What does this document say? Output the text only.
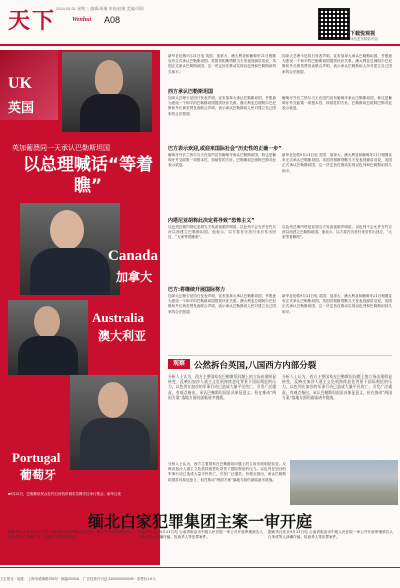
天下 2024.05.01 星期三 编辑/周瑾 审校/赵敏 美编/刘莉
Wenhui A08
下载悦观视
体验更多精彩内容
UK
英国
英加葡澳同一天承认巴勒斯坦国
以总理喊话“等着瞧”
Canada
加拿大
Australia
澳大利亚
Portugal
葡萄牙
■9月21日，巴勒斯坦民众在约旦河西岸城市拉姆安拉举行集会。新华社发
新华社伦敦9月21日电 英国、加拿大、澳大利亚和葡萄牙21日相继宣布正式承认巴勒斯坦国。英国首相斯塔默当天发表视频讲话说，英国正式承认巴勒斯坦国，这一决定旨在推动实现以色列和巴勒斯坦持久和平。
加拿大总理卡尼同日发表声明，宣布加拿大承认巴勒斯坦国，并愿意为建设一个和平的巴勒斯坦国提供伙伴关系。澳大利亚总理阿尔巴尼斯和外长黄英贤发表联合声明，表示承认巴勒斯坦人民对建立自己国家的合法愿望。
西方承认巴勒斯坦国
加拿大总理卡尼同日发表声明，宣布加拿大承认巴勒斯坦国，并愿意为建设一个和平的巴勒斯坦国提供伙伴关系。澳大利亚总理阿尔巴尼斯和外长黄英贤发表联合声明，表示承认巴勒斯坦人民对建立自己国家的合法愿望。
葡萄牙外长兰热尔当天在纽约宣布葡萄牙承认巴勒斯坦国，称这是葡萄牙外交政策一项根本性、持续性的方针。巴勒斯坦总统阿巴斯对此表示欢迎。
巴方表示欢迎,或迎来国际社会“历史性的正确一步”
葡萄牙外长兰热尔当天在纽约宣布葡萄牙承认巴勒斯坦国，称这是葡萄牙外交政策一项根本性、持续性的方针。巴勒斯坦总统阿巴斯对此表示欢迎。
新华社伦敦9月21日电 英国、加拿大、澳大利亚和葡萄牙21日相继宣布正式承认巴勒斯坦国。英国首相斯塔默当天发表视频讲话说，英国正式承认巴勒斯坦国，这一决定旨在推动实现以色列和巴勒斯坦持久和平。
内塔尼亚胡称此决定将导致“恐怖主义”
以色列总理内塔尼亚胡当天发表视频声明说，以色列不会允许在约旦河以西建立巴勒斯坦国。他表示，以方将在访美归来后作出回应，“大家等着瞧吧”。
以色列总理内塔尼亚胡当天发表视频声明说，以色列不会允许在约旦河以西建立巴勒斯坦国。他表示，以方将在访美归来后作出回应，“大家等着瞧吧”。
巴方:将继续开展国际努力
加拿大总理卡尼同日发表声明，宣布加拿大承认巴勒斯坦国，并愿意为建设一个和平的巴勒斯坦国提供伙伴关系。澳大利亚总理阿尔巴尼斯和外长黄英贤发表联合声明，表示承认巴勒斯坦人民对建立自己国家的合法愿望。
新华社伦敦9月21日电 英国、加拿大、澳大利亚和葡萄牙21日相继宣布正式承认巴勒斯坦国。英国首相斯塔默当天发表视频讲话说，英国正式承认巴勒斯坦国，这一决定旨在推动实现以色列和巴勒斯坦持久和平。
观察	公然拆台英国,八国西方内部分裂
分析人士认为，西方主要国家在巴勒斯坦问题上的立场出现明显转变，反映出加沙人道主义危机持续恶化背景下国际舆论的压力。以色列在加沙的军事行动已造成大量平民伤亡，引发广泛谴责。有观点指出，承认巴勒斯坦国虽具象征意义，但在推动“两国方案”落地方面仍面临诸多挑战。
分析人士认为，西方主要国家在巴勒斯坦问题上的立场出现明显转变，反映出加沙人道主义危机持续恶化背景下国际舆论的压力。以色列在加沙的军事行动已造成大量平民伤亡，引发广泛谴责。有观点指出，承认巴勒斯坦国虽具象征意义，但在推动“两国方案”落地方面仍面临诸多挑战。
分析人士认为，西方主要国家在巴勒斯坦问题上的立场出现明显转变，反映出加沙人道主义危机持续恶化背景下国际舆论的压力。以色列在加沙的军事行动已造成大量平民伤亡，引发广泛谴责。有观点指出，承认巴勒斯坦国虽具象征意义，但在推动“两国方案”落地方面仍面临诸多挑战。
缅北白家犯罪集团主案一审开庭
据新华社北京9月21日电 云南省临沧市中级人民法院一审公开开庭审理被告人白所成等人涉嫌诈骗、故意杀人等犯罪案件。
据新华社北京9月21日电 云南省临沧市中级人民法院一审公开开庭审理被告人白所成等人涉嫌诈骗、故意杀人等犯罪案件。
据新华社北京9月21日电 云南省临沧市中级人民法院一审公开开庭审理被告人白所成等人涉嫌诈骗、故意杀人等犯罪案件。
文汇报社 · 地址：上海市威海路755号 · 邮编200041 · 广告经营许可证 3100000000009 · 零售价1.5元
